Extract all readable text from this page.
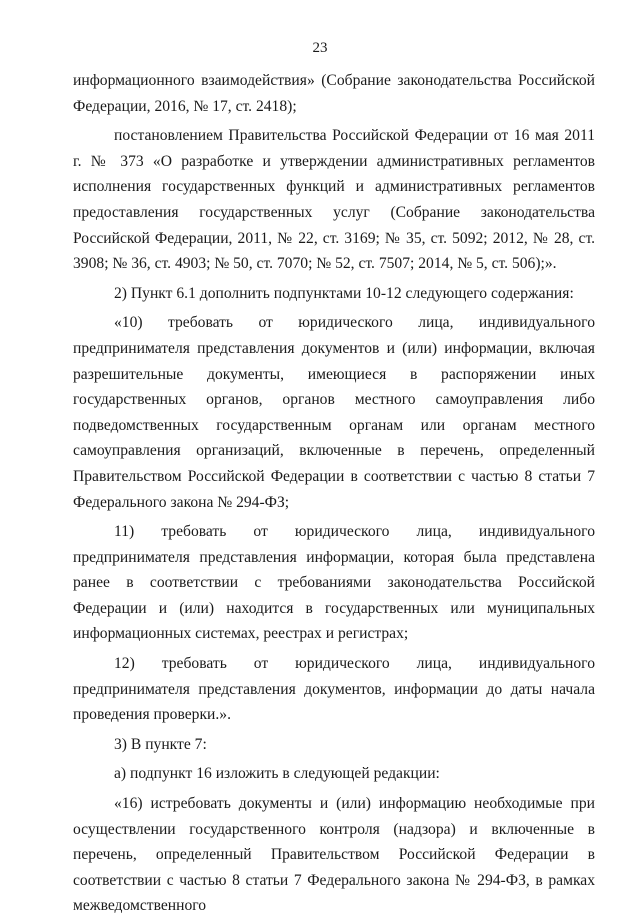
23

информационного взаимодействия» (Собрание законодательства Российской Федерации, 2016, № 17, ст. 2418);

постановлением Правительства Российской Федерации от 16 мая 2011 г. № 373 «О разработке и утверждении административных регламентов исполнения государственных функций и административных регламентов предоставления государственных услуг (Собрание законодательства Российской Федерации, 2011, № 22, ст. 3169; № 35, ст. 5092; 2012, № 28, ст. 3908; № 36, ст. 4903; № 50, ст. 7070; № 52, ст. 7507; 2014, № 5, ст. 506);».

2) Пункт 6.1 дополнить подпунктами 10-12 следующего содержания:

«10) требовать от юридического лица, индивидуального предпринимателя представления документов и (или) информации, включая разрешительные документы, имеющиеся в распоряжении иных государственных органов, органов местного самоуправления либо подведомственных государственным органам или органам местного самоуправления организаций, включенные в перечень, определенный Правительством Российской Федерации в соответствии с частью 8 статьи 7 Федерального закона № 294-ФЗ;

11) требовать от юридического лица, индивидуального предпринимателя представления информации, которая была представлена ранее в соответствии с требованиями законодательства Российской Федерации и (или) находится в государственных или муниципальных информационных системах, реестрах и регистрах;

12) требовать от юридического лица, индивидуального предпринимателя представления документов, информации до даты начала проведения проверки.».

3) В пункте 7:

а) подпункт 16 изложить в следующей редакции:

«16) истребовать документы и (или) информацию необходимые при осуществлении государственного контроля (надзора) и включенные в перечень, определенный Правительством Российской Федерации в соответствии с частью 8 статьи 7 Федерального закона № 294-ФЗ, в рамках межведомственного
